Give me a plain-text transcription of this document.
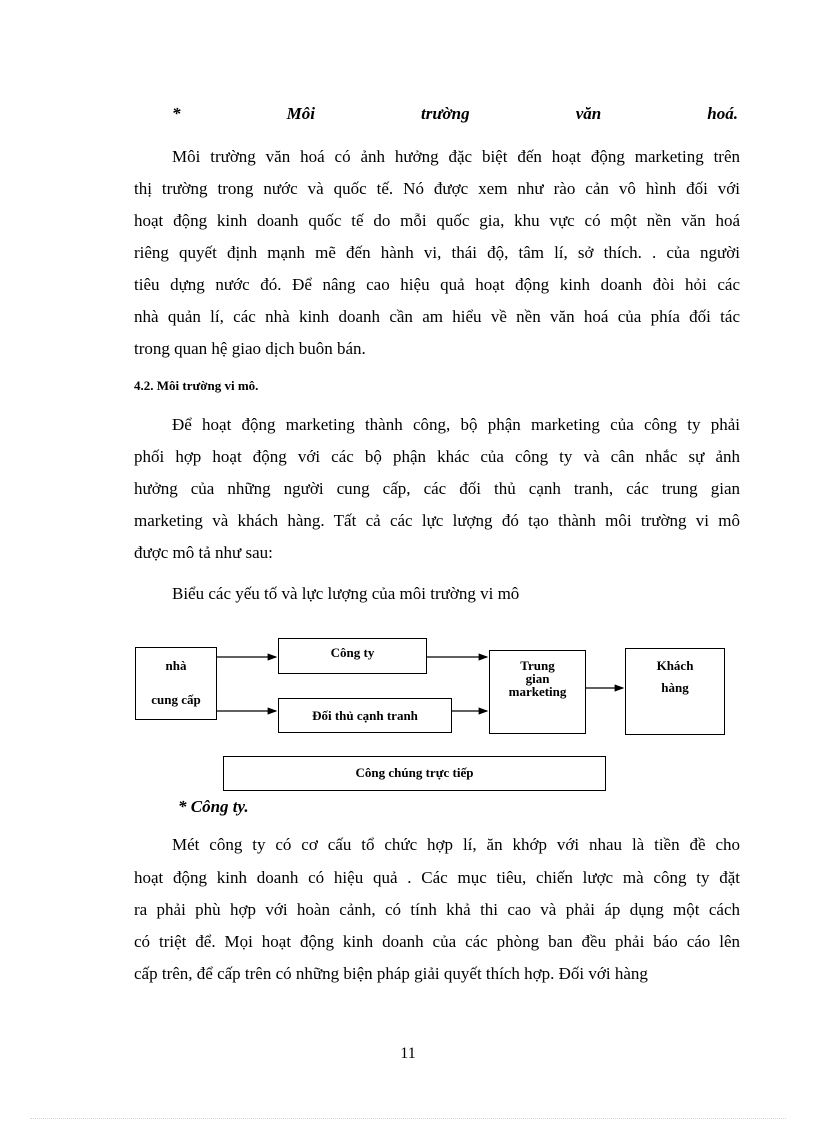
*	Môi	trường	văn	hoá.
Môi trường văn hoá có ảnh hưởng đặc biệt đến hoạt động marketing trên
thị trường trong nước và quốc tế. Nó được xem như rào cản vô hình đối với
hoạt động kinh doanh quốc tế do mỗi quốc gia, khu vực có một nền văn hoá
riêng quyết định mạnh mẽ đến hành vi, thái độ, tâm lí, sở thích. . của người
tiêu dựng nước đó. Để nâng cao hiệu quả hoạt động kinh doanh đòi hỏi các
nhà quản lí, các nhà kinh doanh cần am hiểu về nền văn hoá của phía đối tác
trong quan hệ giao dịch buôn bán.
4.2. Môi trường vi mô.
Để hoạt động marketing thành công, bộ phận marketing của công ty phải
phối hợp hoạt động với các bộ phận khác của công ty và cân nhắc sự ảnh
hưởng của những người cung cấp, các đối thủ cạnh tranh, các trung gian
marketing và khách hàng. Tất cả các lực lượng đó tạo thành môi trường vi mô
được mô tả như sau:
Biểu các yếu tố và lực lượng của môi trường vi mô
nhà
cung cấp
Công ty
Đối thủ cạnh tranh
Trung
gian
marketing
Khách
hàng
Công chúng trực tiếp
* Công ty.
Mét công ty có cơ cấu tổ chức hợp lí, ăn khớp với nhau là tiền đề cho
hoạt động kinh doanh có hiệu quả . Các mục tiêu, chiến lược mà công ty đặt
ra phải phù hợp với hoàn cảnh, có tính khả thi cao và phải áp dụng một cách
có triệt để. Mọi hoạt động kinh doanh của các phòng ban đều phải báo cáo lên
cấp trên, để cấp trên có những biện pháp giải quyết thích hợp. Đối với hàng
11
